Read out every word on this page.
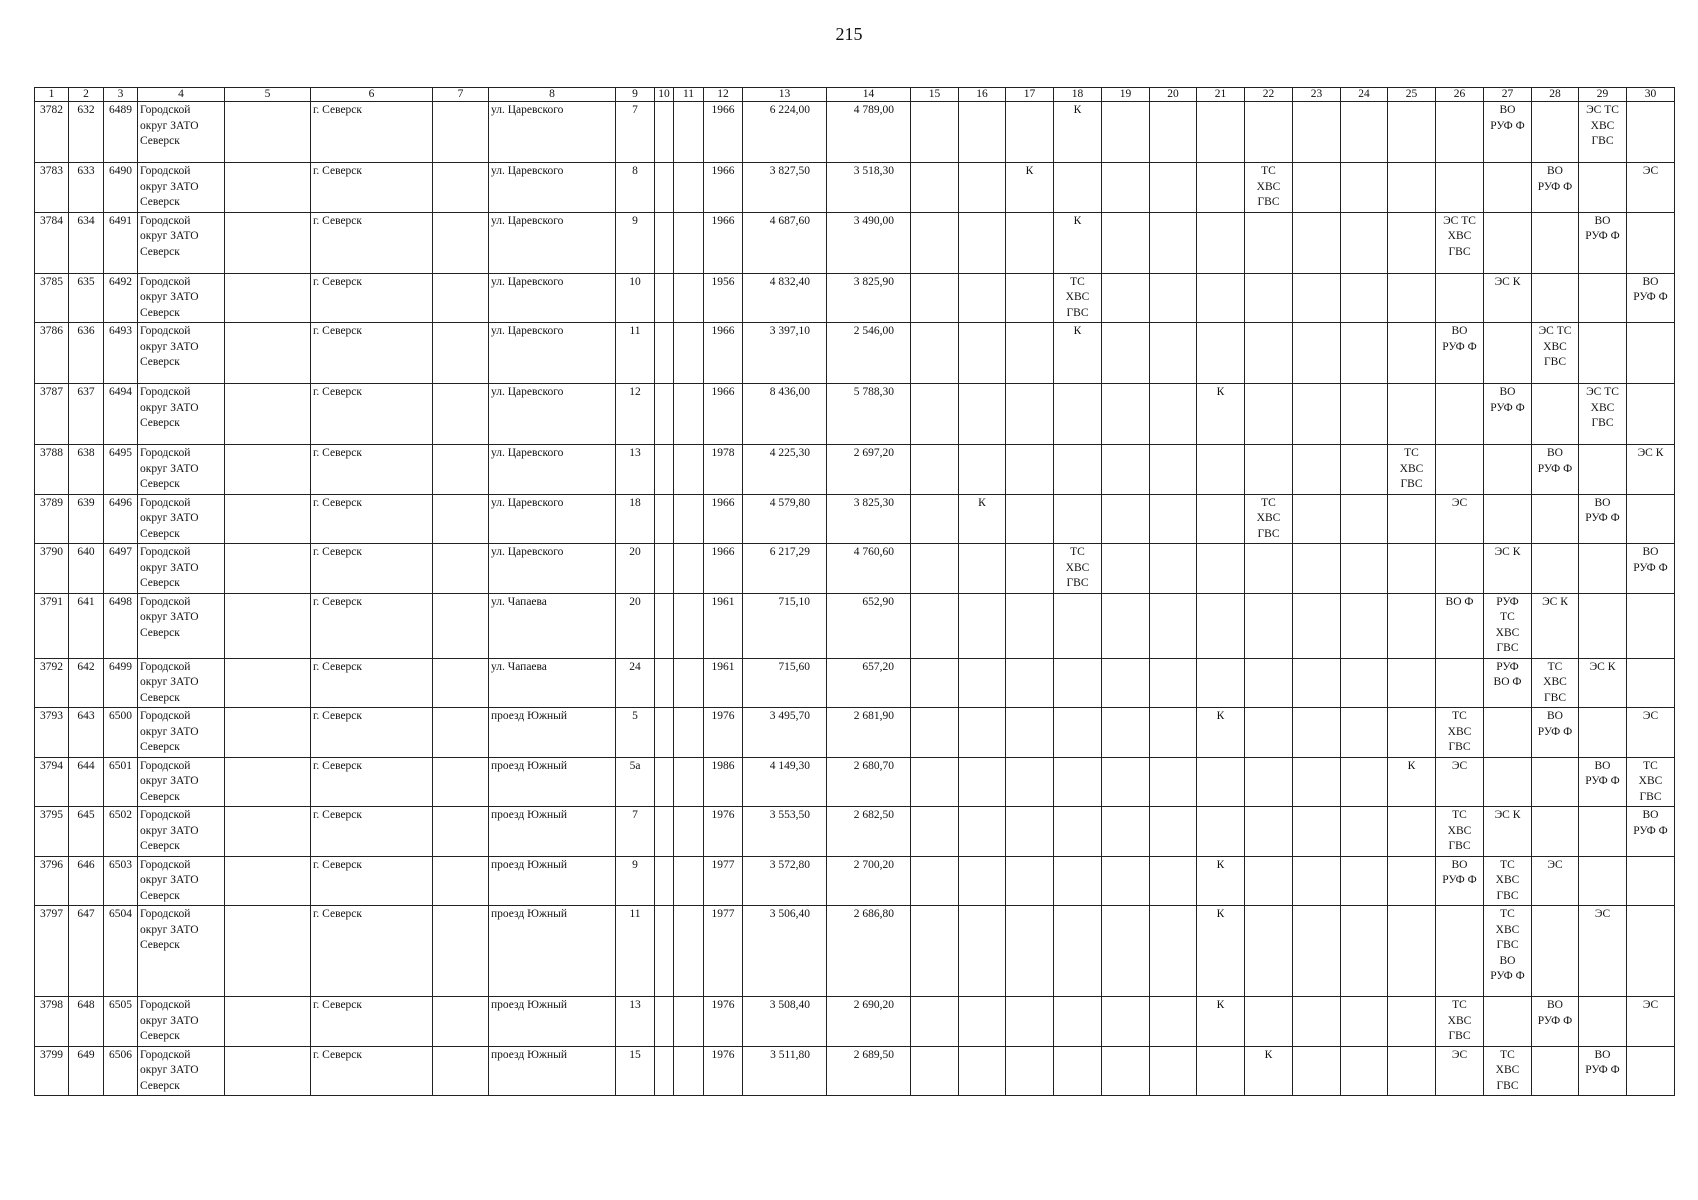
215
1	2	3	4	5	6	7	8	9	10	11	12	13	14	15	16	17	18	19	20	21	22	23	24	25	26	27	28	29	30
3782	632	6489	Городской
округ ЗАТО
Северск		г. Северск		ул. Царевского	7			1966	6 224,00	4 789,00				К									ВО
РУФ Ф		ЭС ТС
ХВС
ГВС	
3783	633	6490	Городской
округ ЗАТО
Северск		г. Северск		ул. Царевского	8			1966	3 827,50	3 518,30			К					ТС
ХВС
ГВС						ВО
РУФ Ф		ЭС
3784	634	6491	Городской
округ ЗАТО
Северск		г. Северск		ул. Царевского	9			1966	4 687,60	3 490,00				К								ЭС ТС
ХВС
ГВС			ВО
РУФ Ф	
3785	635	6492	Городской
округ ЗАТО
Северск		г. Северск		ул. Царевского	10			1956	4 832,40	3 825,90				ТС
ХВС
ГВС									ЭС К			ВО
РУФ Ф
3786	636	6493	Городской
округ ЗАТО
Северск		г. Северск		ул. Царевского	11			1966	3 397,10	2 546,00				К								ВО
РУФ Ф		ЭС ТС
ХВС
ГВС		
3787	637	6494	Городской
округ ЗАТО
Северск		г. Северск		ул. Царевского	12			1966	8 436,00	5 788,30							К						ВО
РУФ Ф		ЭС ТС
ХВС
ГВС	
3788	638	6495	Городской
округ ЗАТО
Северск		г. Северск		ул. Царевского	13			1978	4 225,30	2 697,20											ТС
ХВС
ГВС			ВО
РУФ Ф		ЭС К
3789	639	6496	Городской
округ ЗАТО
Северск		г. Северск		ул. Царевского	18			1966	4 579,80	3 825,30		К						ТС
ХВС
ГВС				ЭС			ВО
РУФ Ф	
3790	640	6497	Городской
округ ЗАТО
Северск		г. Северск		ул. Царевского	20			1966	6 217,29	4 760,60				ТС
ХВС
ГВС									ЭС К			ВО
РУФ Ф
3791	641	6498	Городской
округ ЗАТО
Северск		г. Северск		ул. Чапаева	20			1961	715,10	652,90												ВО Ф	РУФ
ТС
ХВС
ГВС	ЭС К		
3792	642	6499	Городской
округ ЗАТО
Северск		г. Северск		ул. Чапаева	24			1961	715,60	657,20													РУФ
ВО Ф	ТС
ХВС
ГВС	ЭС К	
3793	643	6500	Городской
округ ЗАТО
Северск		г. Северск		проезд Южный	5			1976	3 495,70	2 681,90							К					ТС
ХВС
ГВС		ВО
РУФ Ф		ЭС
3794	644	6501	Городской
округ ЗАТО
Северск		г. Северск		проезд Южный	5а			1986	4 149,30	2 680,70											К	ЭС			ВО
РУФ Ф	ТС
ХВС
ГВС
3795	645	6502	Городской
округ ЗАТО
Северск		г. Северск		проезд Южный	7			1976	3 553,50	2 682,50												ТС
ХВС
ГВС	ЭС К			ВО
РУФ Ф
3796	646	6503	Городской
округ ЗАТО
Северск		г. Северск		проезд Южный	9			1977	3 572,80	2 700,20							К					ВО
РУФ Ф	ТС
ХВС
ГВС	ЭС		
3797	647	6504	Городской
округ ЗАТО
Северск		г. Северск		проезд Южный	11			1977	3 506,40	2 686,80							К						ТС
ХВС
ГВС
ВО
РУФ Ф		ЭС	
3798	648	6505	Городской
округ ЗАТО
Северск		г. Северск		проезд Южный	13			1976	3 508,40	2 690,20							К					ТС
ХВС
ГВС		ВО
РУФ Ф		ЭС
3799	649	6506	Городской
округ ЗАТО
Северск		г. Северск		проезд Южный	15			1976	3 511,80	2 689,50								К				ЭС	ТС
ХВС
ГВС		ВО
РУФ Ф	
